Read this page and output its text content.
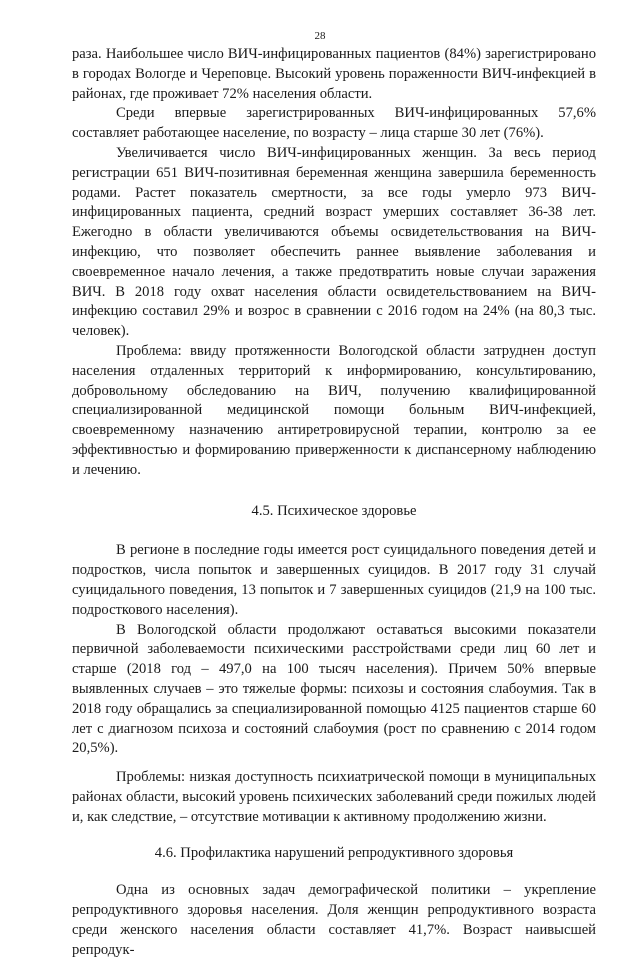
28

раза. Наибольшее число ВИЧ-инфицированных пациентов (84%) зарегистрировано в городах Вологде и Череповце. Высокий уровень пораженности ВИЧ-инфекцией в районах, где проживает 72% населения области.

Среди впервые зарегистрированных ВИЧ-инфицированных 57,6% составляет работающее население, по возрасту – лица старше 30 лет (76%).

Увеличивается число ВИЧ-инфицированных женщин. За весь период регистрации 651 ВИЧ-позитивная беременная женщина завершила беременность родами. Растет показатель смертности, за все годы умерло 973 ВИЧ-инфицированных пациента, средний возраст умерших составляет 36-38 лет. Ежегодно в области увеличиваются объемы освидетельствования на ВИЧ-инфекцию, что позволяет обеспечить раннее выявление заболевания и своевременное начало лечения, а также предотвратить новые случаи заражения ВИЧ. В 2018 году охват населения области освидетельствованием на ВИЧ-инфекцию составил 29% и возрос в сравнении с 2016 годом на 24% (на 80,3 тыс. человек).

Проблема: ввиду протяженности Вологодской области затруднен доступ населения отдаленных территорий к информированию, консультированию, добровольному обследованию на ВИЧ, получению квалифицированной специализированной медицинской помощи больным ВИЧ-инфекцией, своевременному назначению антиретровирусной терапии, контролю за ее эффективностью и формированию приверженности к диспансерному наблюдению и лечению.

4.5. Психическое здоровье

В регионе в последние годы имеется рост суицидального поведения детей и подростков, числа попыток и завершенных суицидов. В 2017 году 31 случай суицидального поведения, 13 попыток и 7 завершенных суицидов (21,9 на 100 тыс. подросткового населения).

В Вологодской области продолжают оставаться высокими показатели первичной заболеваемости психическими расстройствами среди лиц 60 лет и старше (2018 год – 497,0 на 100 тысяч населения). Причем 50% впервые выявленных случаев – это тяжелые формы: психозы и состояния слабоумия. Так в 2018 году обращались за специализированной помощью 4125 пациентов старше 60 лет с диагнозом психоза и состояний слабоумия (рост по сравнению с 2014 годом 20,5%).

Проблемы: низкая доступность психиатрической помощи в муниципальных районах области, высокий уровень психических заболеваний среди пожилых людей и, как следствие, – отсутствие мотивации к активному продолжению жизни.

4.6. Профилактика нарушений репродуктивного здоровья

Одна из основных задач демографической политики – укрепление репродуктивного здоровья населения. Доля женщин репродуктивного возраста среди женского населения области составляет 41,7%. Возраст наивысшей репродук-
